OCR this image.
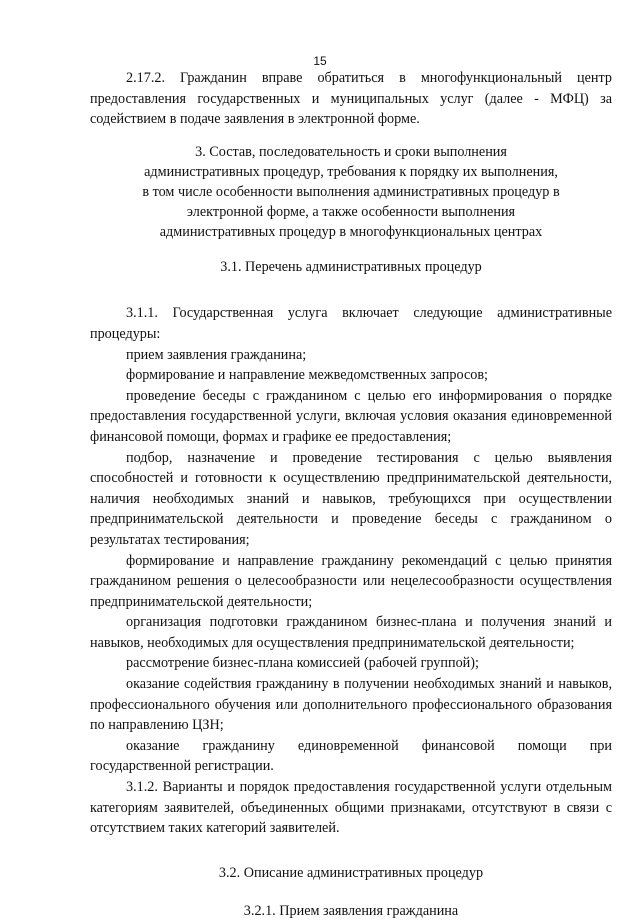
15

2.17.2. Гражданин вправе обратиться в многофункциональный центр предоставления государственных и муниципальных услуг (далее - МФЦ) за содействием в подаче заявления в электронной форме.

3. Состав, последовательность и сроки выполнения
административных процедур, требования к порядку их выполнения,
в том числе особенности выполнения административных процедур в
электронной форме, а также особенности выполнения
административных процедур в многофункциональных центрах

3.1. Перечень административных процедур

3.1.1. Государственная услуга включает следующие административные процедуры:

прием заявления гражданина;

формирование и направление межведомственных запросов;

проведение беседы с гражданином с целью его информирования о порядке предоставления государственной услуги, включая условия оказания единовременной финансовой помощи, формах и графике ее предоставления;

подбор, назначение и проведение тестирования с целью выявления способностей и готовности к осуществлению предпринимательской деятельности, наличия необходимых знаний и навыков, требующихся при осуществлении предпринимательской деятельности и проведение беседы с гражданином о результатах тестирования;

формирование и направление гражданину рекомендаций с целью принятия гражданином решения о целесообразности или нецелесообразности осуществления предпринимательской деятельности;

организация подготовки гражданином бизнес-плана и получения знаний и навыков, необходимых для осуществления предпринимательской деятельности;

рассмотрение бизнес-плана комиссией (рабочей группой);

оказание содействия гражданину в получении необходимых знаний и навыков, профессионального обучения или дополнительного профессионального образования по направлению ЦЗН;

оказание гражданину единовременной финансовой помощи при государственной регистрации.

3.1.2. Варианты и порядок предоставления государственной услуги отдельным категориям заявителей, объединенных общими признаками, отсутствуют в связи с отсутствием таких категорий заявителей.

3.2. Описание административных процедур

3.2.1. Прием заявления гражданина
